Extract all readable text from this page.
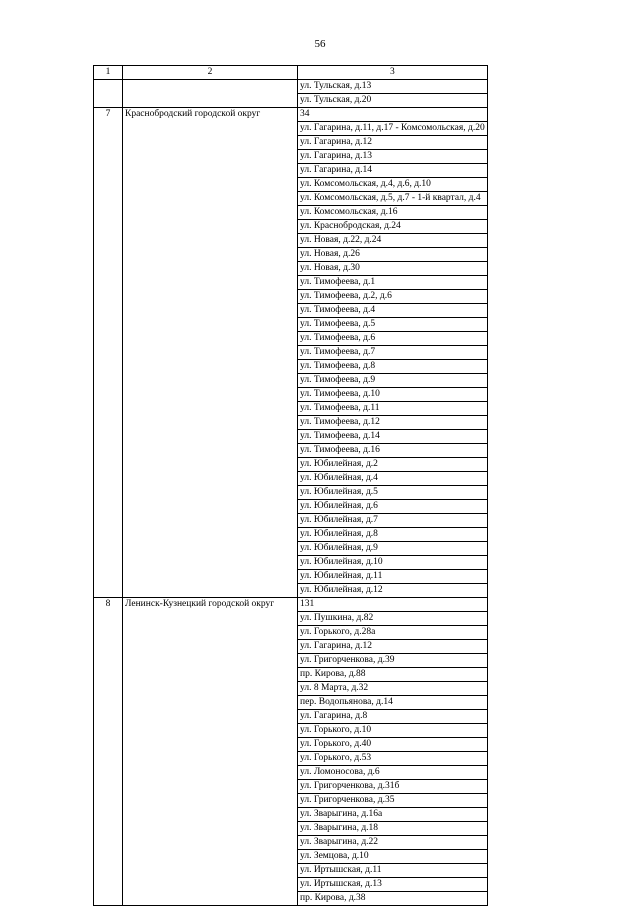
56
1	2	3
		ул. Тульская, д.13
		ул. Тульская, д.20
7	Краснобродский городской округ	34
		ул. Гагарина, д.11, д.17 - Комсомольская, д.20
		ул. Гагарина, д.12
		ул. Гагарина, д.13
		ул. Гагарина, д.14
		ул. Комсомольская, д.4, д.6, д.10
		ул. Комсомольская, д.5, д.7 - 1-й квартал, д.4
		ул. Комсомольская, д.16
		ул. Краснобродская, д.24
		ул. Новая, д.22, д.24
		ул. Новая, д.26
		ул. Новая, д.30
		ул. Тимофеева, д.1
		ул. Тимофеева, д.2, д.6
		ул. Тимофеева, д.4
		ул. Тимофеева, д.5
		ул. Тимофеева, д.6
		ул. Тимофеева, д.7
		ул. Тимофеева, д.8
		ул. Тимофеева, д.9
		ул. Тимофеева, д.10
		ул. Тимофеева, д.11
		ул. Тимофеева, д.12
		ул. Тимофеева, д.14
		ул. Тимофеева, д.16
		ул. Юбилейная, д.2
		ул. Юбилейная, д.4
		ул. Юбилейная, д.5
		ул. Юбилейная, д.6
		ул. Юбилейная, д.7
		ул. Юбилейная, д.8
		ул. Юбилейная, д.9
		ул. Юбилейная, д.10
		ул. Юбилейная, д.11
		ул. Юбилейная, д.12
8	Ленинск-Кузнецкий городской округ	131
		ул. Пушкина, д.82
		ул. Горького, д.28а
		ул. Гагарина, д.12
		ул. Григорченкова, д.39
		пр. Кирова, д.88
		ул. 8 Марта, д.32
		пер. Водопьянова, д.14
		ул. Гагарина, д.8
		ул. Горького, д.10
		ул. Горького, д.40
		ул. Горького, д.53
		ул. Ломоносова, д.6
		ул. Григорченкова, д.31б
		ул. Григорченкова, д.35
		ул. Зварыгина, д.16а
		ул. Зварыгина, д.18
		ул. Зварыгина, д.22
		ул. Земцова, д.10
		ул. Иртышская, д.11
		ул. Иртышская, д.13
		пр. Кирова, д.38
